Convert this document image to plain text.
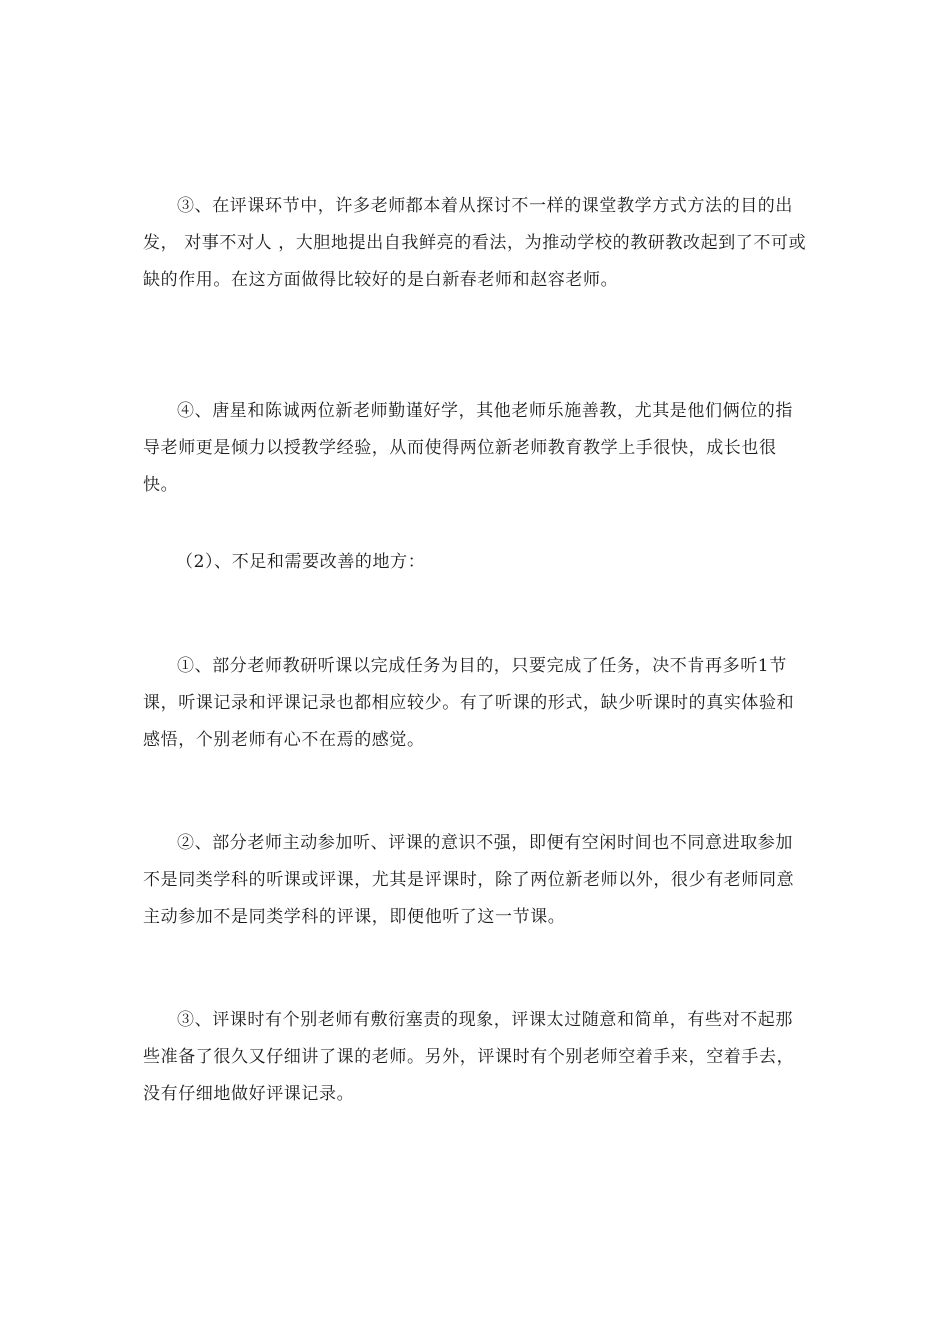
③、在评课环节中，许多老师都本着从探讨不一样的课堂教学方式方法的目的出发， 对事不对人 ，大胆地提出自我鲜亮的看法，为推动学校的教研教改起到了不可或缺的作用。在这方面做得比较好的是白新春老师和赵容老师。

④、唐星和陈诚两位新老师勤谨好学，其他老师乐施善教，尤其是他们俩位的指导老师更是倾力以授教学经验，从而使得两位新老师教育教学上手很快，成长也很快。

（2）、不足和需要改善的地方：

①、部分老师教研听课以完成任务为目的，只要完成了任务，决不肯再多听1节课，听课记录和评课记录也都相应较少。有了听课的形式，缺少听课时的真实体验和感悟，个别老师有心不在焉的感觉。

②、部分老师主动参加听、评课的意识不强，即便有空闲时间也不同意进取参加不是同类学科的听课或评课，尤其是评课时，除了两位新老师以外，很少有老师同意主动参加不是同类学科的评课，即便他听了这一节课。

③、评课时有个别老师有敷衍塞责的现象，评课太过随意和简单，有些对不起那些准备了很久又仔细讲了课的老师。另外，评课时有个别老师空着手来，空着手去，没有仔细地做好评课记录。
